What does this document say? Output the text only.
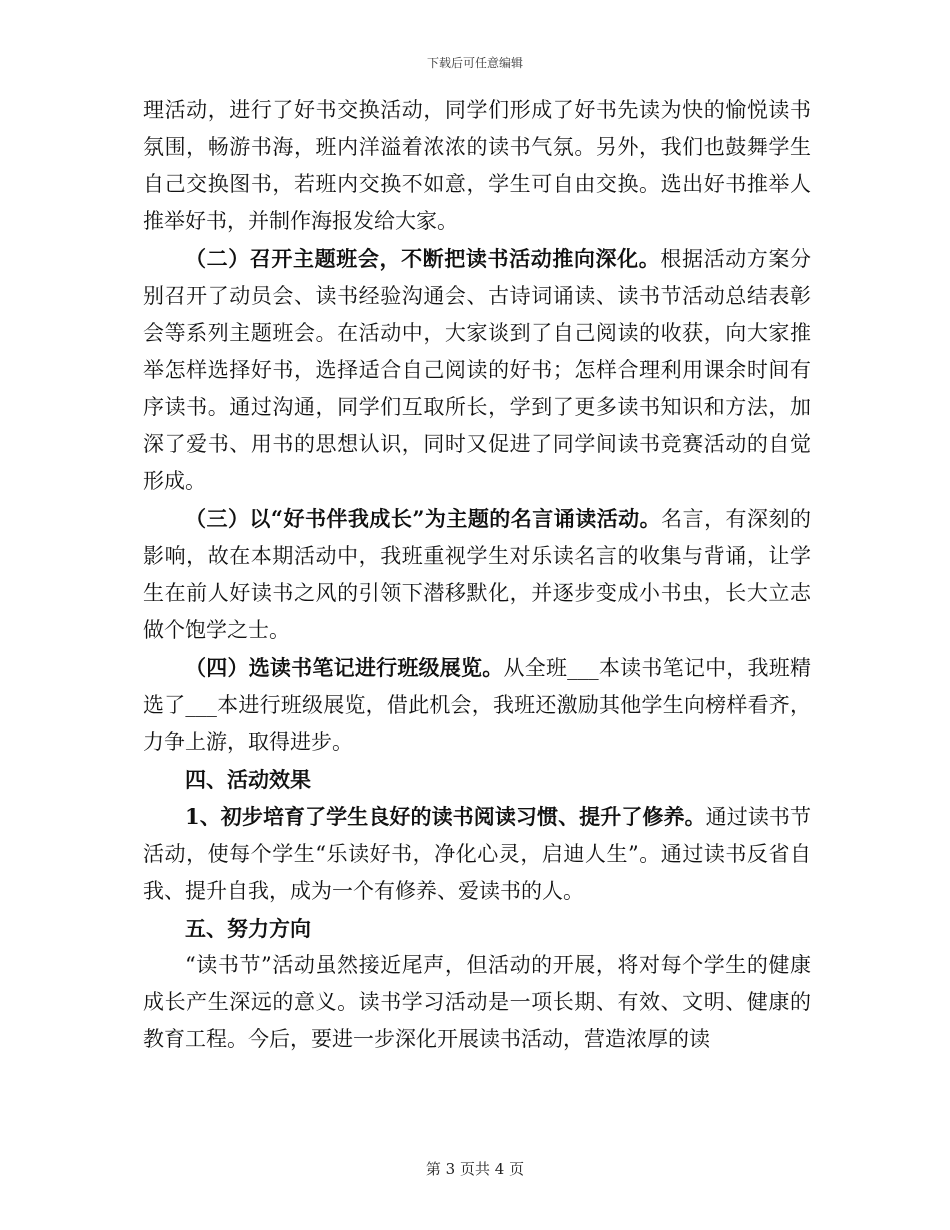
下载后可任意编辑

理活动，进行了好书交换活动，同学们形成了好书先读为快的愉悦读书氛围，畅游书海，班内洋溢着浓浓的读书气氛。另外，我们也鼓舞学生自己交换图书，若班内交换不如意，学生可自由交换。选出好书推举人推举好书，并制作海报发给大家。

（二）召开主题班会，不断把读书活动推向深化。根据活动方案分别召开了动员会、读书经验沟通会、古诗词诵读、读书节活动总结表彰会等系列主题班会。在活动中，大家谈到了自己阅读的收获，向大家推举怎样选择好书，选择适合自己阅读的好书；怎样合理利用课余时间有序读书。通过沟通，同学们互取所长，学到了更多读书知识和方法，加深了爱书、用书的思想认识，同时又促进了同学间读书竞赛活动的自觉形成。

（三）以“好书伴我成长”为主题的名言诵读活动。名言，有深刻的影响，故在本期活动中，我班重视学生对乐读名言的收集与背诵，让学生在前人好读书之风的引领下潜移默化，并逐步变成小书虫，长大立志做个饱学之士。

（四）选读书笔记进行班级展览。从全班___本读书笔记中，我班精选了___本进行班级展览，借此机会，我班还激励其他学生向榜样看齐，力争上游，取得进步。

四、活动效果

1、初步培育了学生良好的读书阅读习惯、提升了修养。通过读书节活动，使每个学生“乐读好书，净化心灵，启迪人生”。通过读书反省自我、提升自我，成为一个有修养、爱读书的人。

五、努力方向

“读书节”活动虽然接近尾声，但活动的开展，将对每个学生的健康成长产生深远的意义。读书学习活动是一项长期、有效、文明、健康的教育工程。今后，要进一步深化开展读书活动，营造浓厚的读

第 3 页共 4 页
